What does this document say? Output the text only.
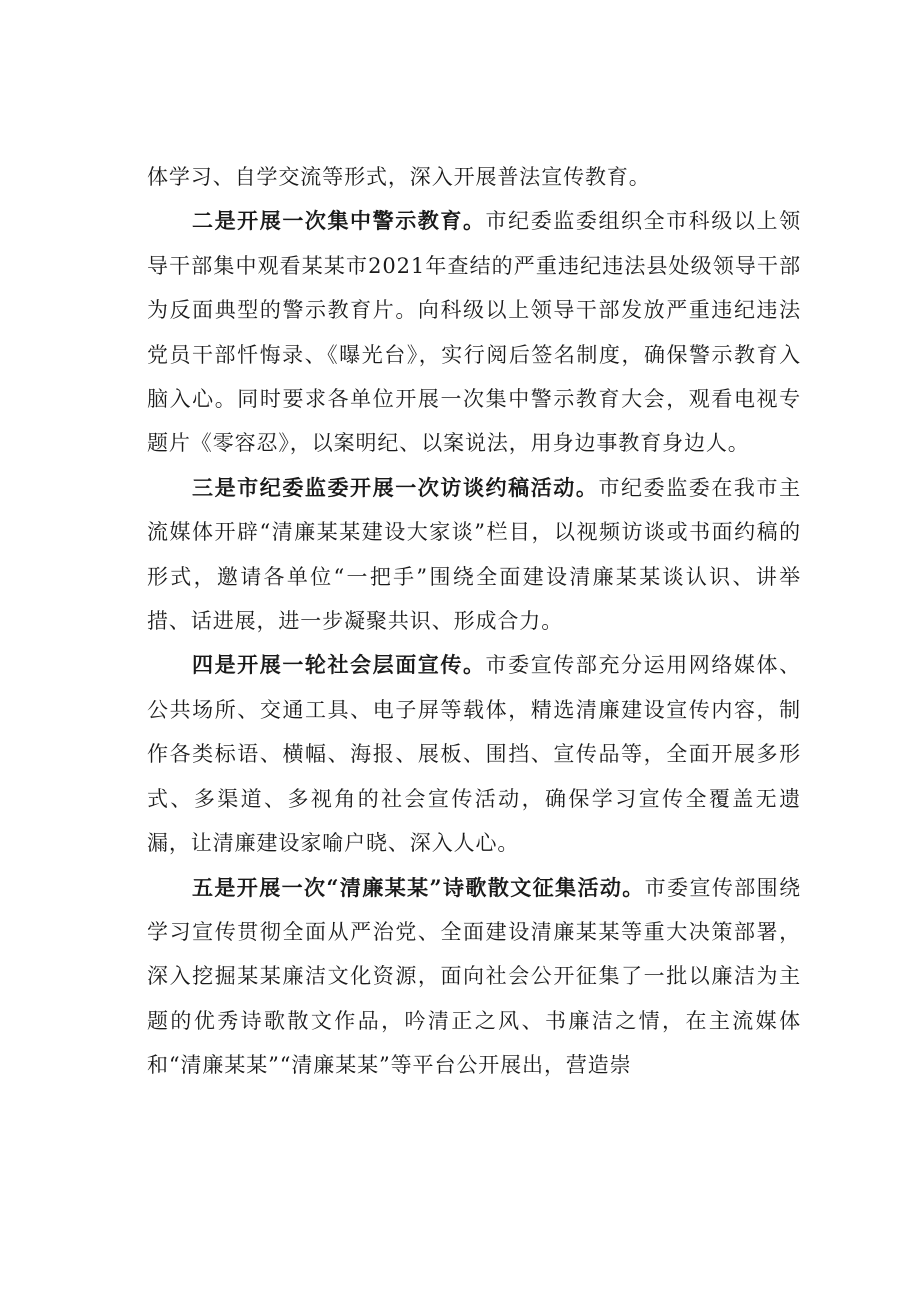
体学习、自学交流等形式，深入开展普法宣传教育。

二是开展一次集中警示教育。市纪委监委组织全市科级以上领导干部集中观看某某市2021年查结的严重违纪违法县处级领导干部为反面典型的警示教育片。向科级以上领导干部发放严重违纪违法党员干部忏悔录、《曝光台》，实行阅后签名制度，确保警示教育入脑入心。同时要求各单位开展一次集中警示教育大会，观看电视专题片《零容忍》，以案明纪、以案说法，用身边事教育身边人。

三是市纪委监委开展一次访谈约稿活动。市纪委监委在我市主流媒体开辟“清廉某某建设大家谈”栏目，以视频访谈或书面约稿的形式，邀请各单位“一把手”围绕全面建设清廉某某谈认识、讲举措、话进展，进一步凝聚共识、形成合力。

四是开展一轮社会层面宣传。市委宣传部充分运用网络媒体、公共场所、交通工具、电子屏等载体，精选清廉建设宣传内容，制作各类标语、横幅、海报、展板、围挡、宣传品等，全面开展多形式、多渠道、多视角的社会宣传活动，确保学习宣传全覆盖无遗漏，让清廉建设家喻户晓、深入人心。

五是开展一次“清廉某某”诗歌散文征集活动。市委宣传部围绕学习宣传贯彻全面从严治党、全面建设清廉某某等重大决策部署，深入挖掘某某廉洁文化资源，面向社会公开征集了一批以廉洁为主题的优秀诗歌散文作品，吟清正之风、书廉洁之情，在主流媒体和“清廉某某”“清廉某某”等平台公开展出，营造崇
